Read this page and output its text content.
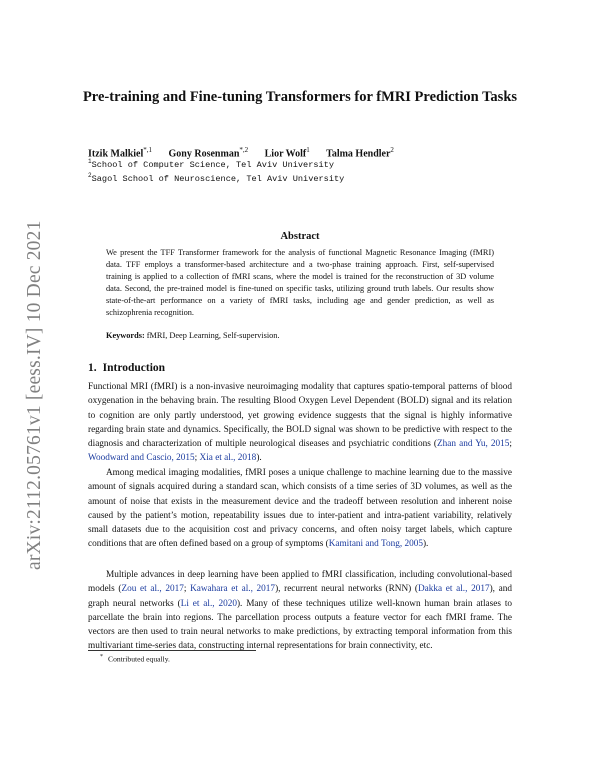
arXiv:2112.05761v1 [eess.IV] 10 Dec 2021
Pre-training and Fine-tuning Transformers for fMRI Prediction Tasks
Itzik Malkiel$^{*,1}$ Gony Rosenman$^{*,2}$ Lior Wolf$^1$ Talma Hendler$^2$
$^1$School of Computer Science, Tel Aviv University
$^2$Sagol School of Neuroscience, Tel Aviv University
Abstract
We present the TFF Transformer framework for the analysis of functional Magnetic Resonance Imaging (fMRI) data. TFF employs a transformer-based architecture and a two-phase training approach. First, self-supervised training is applied to a collection of fMRI scans, where the model is trained for the reconstruction of 3D volume data. Second, the pre-trained model is fine-tuned on specific tasks, utilizing ground truth labels. Our results show state-of-the-art performance on a variety of fMRI tasks, including age and gender prediction, as well as schizophrenia recognition.
Keywords: fMRI, Deep Learning, Self-supervision.
1. Introduction
Functional MRI (fMRI) is a non-invasive neuroimaging modality that captures spatio-temporal patterns of blood oxygenation in the behaving brain. The resulting Blood Oxygen Level Dependent (BOLD) signal and its relation to cognition are only partly understood, yet growing evidence suggests that the signal is highly informative regarding brain state and dynamics. Specifically, the BOLD signal was shown to be predictive with respect to the diagnosis and characterization of multiple neurological diseases and psychiatric conditions (Zhan and Yu, 2015; Woodward and Cascio, 2015; Xia et al., 2018).
Among medical imaging modalities, fMRI poses a unique challenge to machine learning due to the massive amount of signals acquired during a standard scan, which consists of a time series of 3D volumes, as well as the amount of noise that exists in the measurement device and the tradeoff between resolution and inherent noise caused by the patient’s motion, repeatability issues due to inter-patient and intra-patient variability, relatively small datasets due to the acquisition cost and privacy concerns, and often noisy target labels, which capture conditions that are often defined based on a group of symptoms (Kamitani and Tong, 2005).
Multiple advances in deep learning have been applied to fMRI classification, including convolutional-based models (Zou et al., 2017; Kawahara et al., 2017), recurrent neural networks (RNN) (Dakka et al., 2017), and graph neural networks (Li et al., 2020). Many of these techniques utilize well-known human brain atlases to parcellate the brain into regions. The parcellation process outputs a feature vector for each fMRI frame. The vectors are then used to train neural networks to make predictions, by extracting temporal information from this multivariant time-series data, constructing internal representations for brain connectivity, etc.
* Contributed equally.
